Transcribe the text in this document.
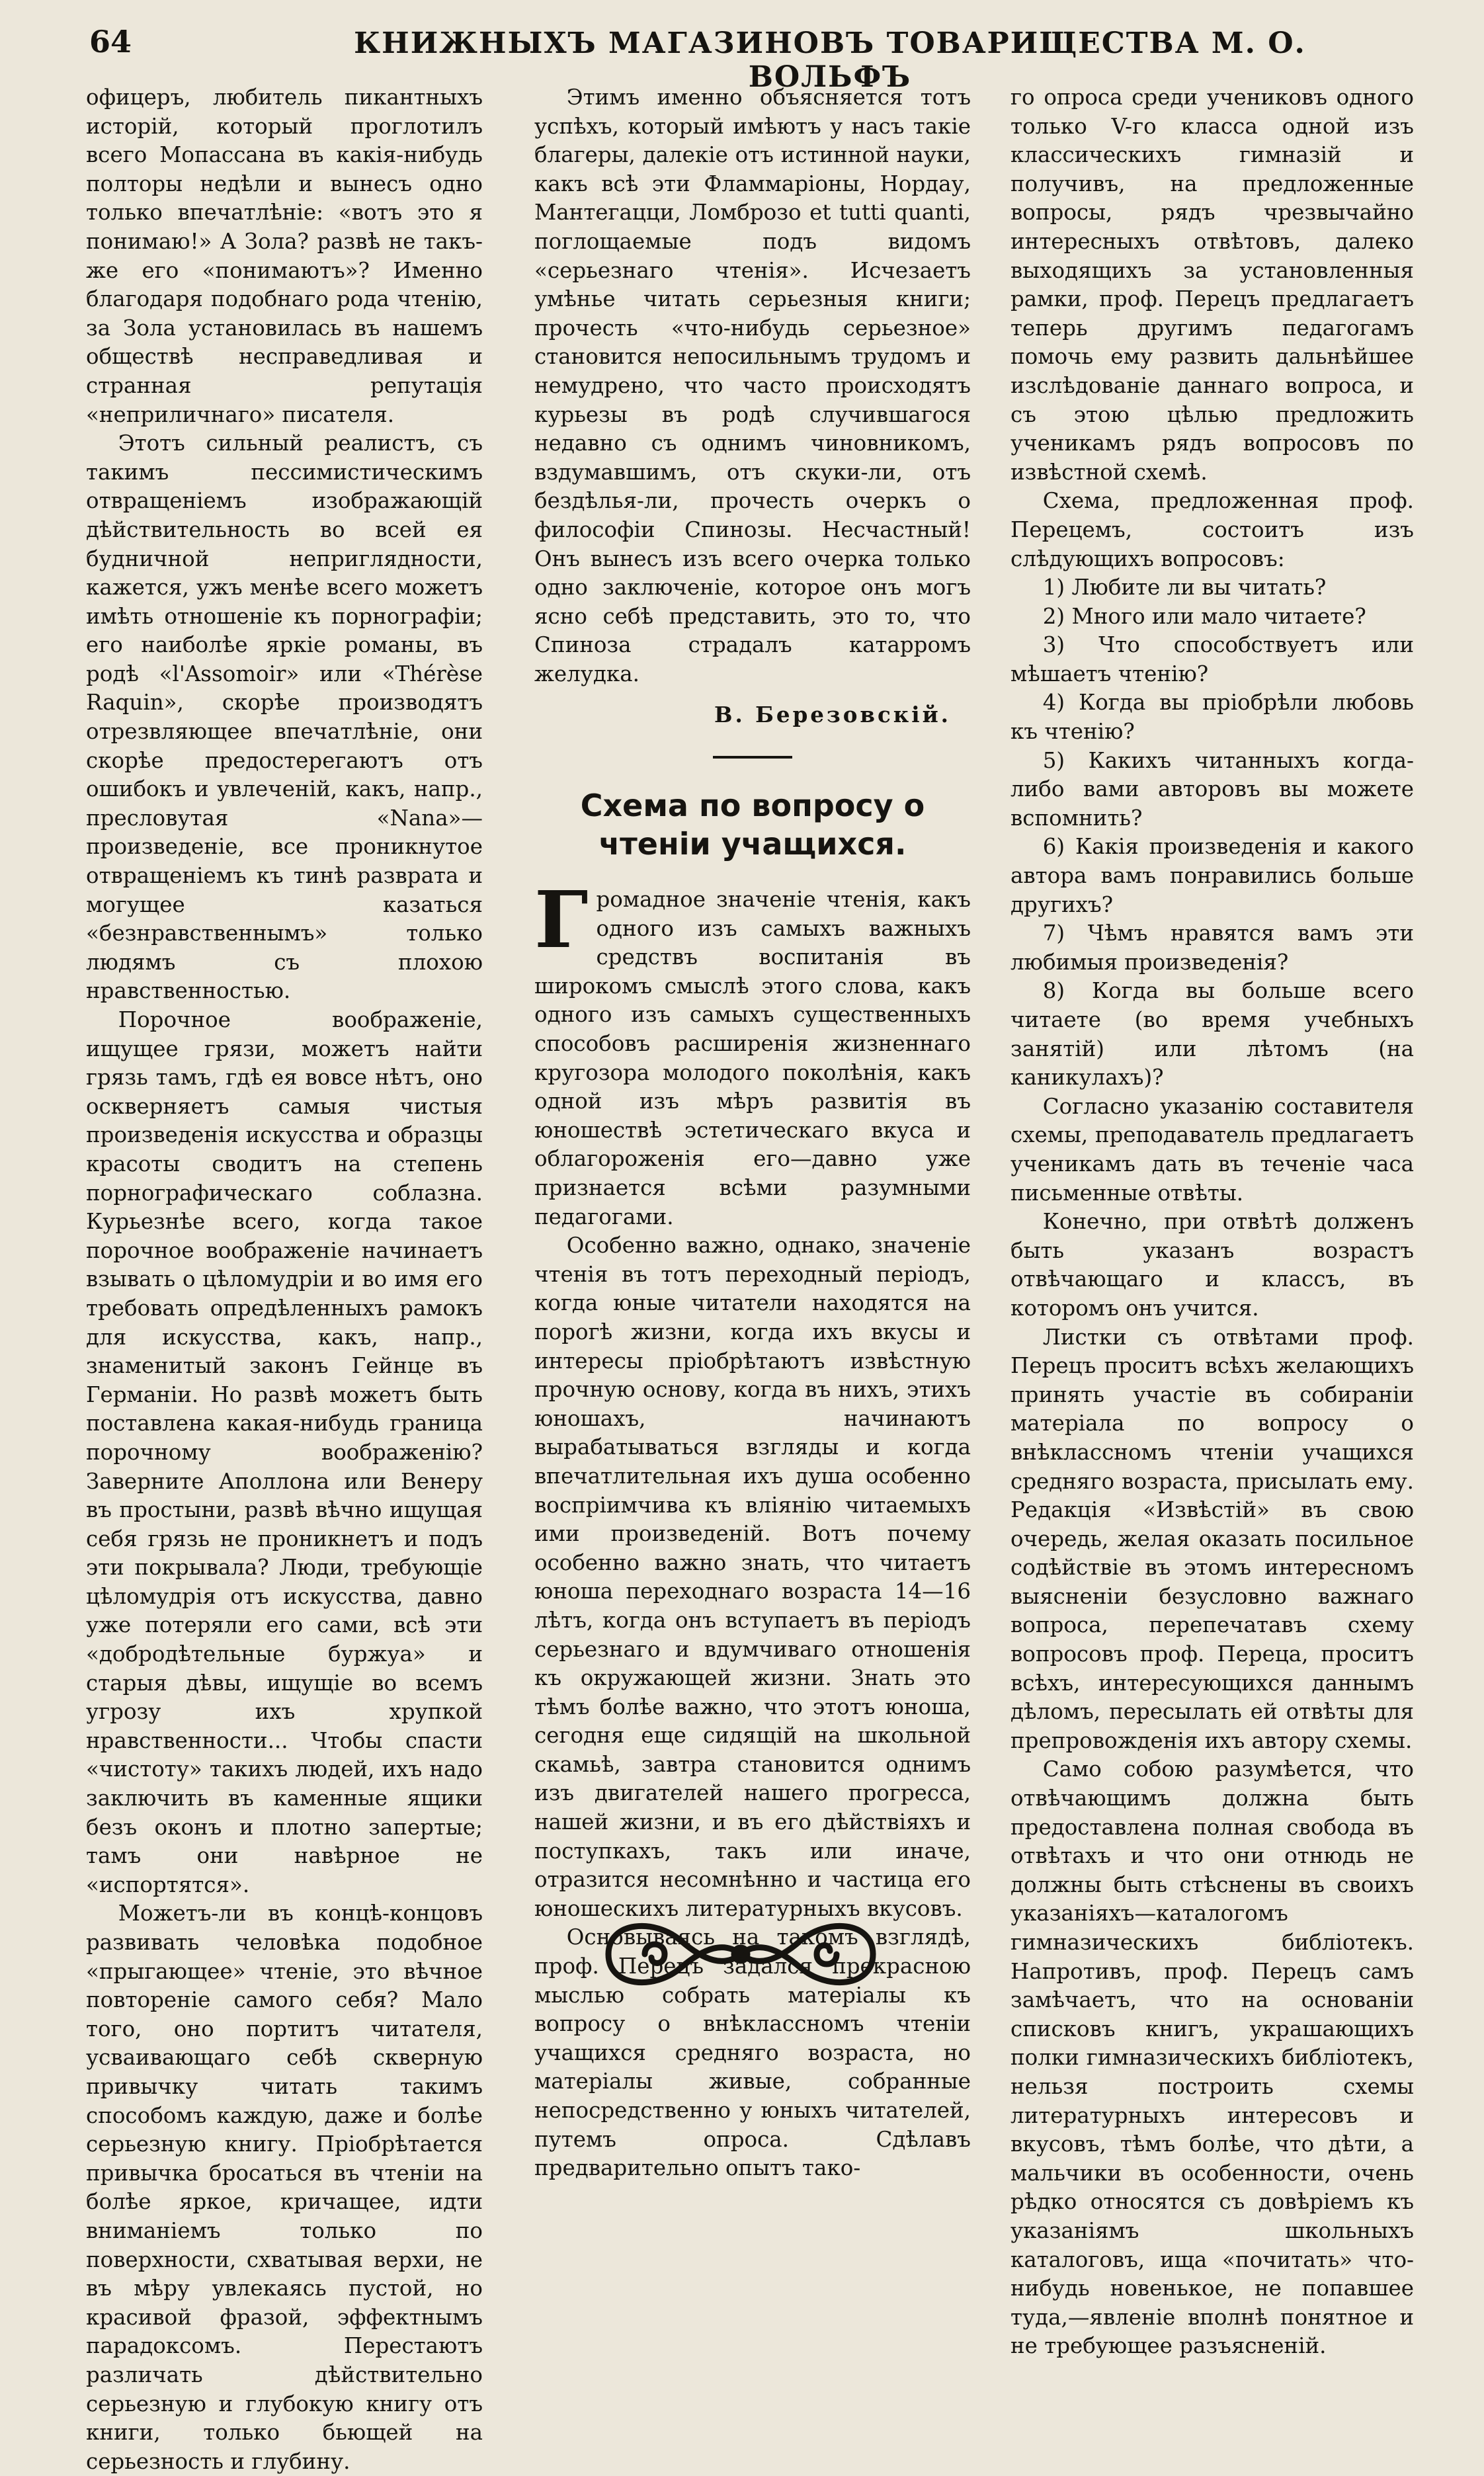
64	КНИЖНЫХЪ МАГАЗИНОВЪ ТОВАРИЩЕСТВА М. О. ВОЛЬФЪ

офицеръ, любитель пикантныхъ исторій, который проглотилъ всего Мопассана въ какія-нибудь полторы недѣли и вынесъ одно только впечатлѣніе: «вотъ это я понимаю!» А Зола? развѣ не такъ-же его «понимаютъ»? Именно благодаря подобнаго рода чтенію, за Зола установилась въ нашемъ обществѣ несправедливая и странная репутація «неприличнаго» писателя.

Этотъ сильный реалистъ, съ такимъ пессимистическимъ отвращеніемъ изображающій дѣйствительность во всей ея будничной неприглядности, кажется, ужъ менѣе всего можетъ имѣть отношеніе къ порнографіи; его наиболѣе яркіе романы, въ родѣ «l'Assomoir» или «Thérèse Raquin», скорѣе производятъ отрезвляющее впечатлѣніе, они скорѣе предостерегаютъ отъ ошибокъ и увлеченій, какъ, напр., пресловутая «Nana»—произведеніе, все проникнутое отвращеніемъ къ тинѣ разврата и могущее казаться «безнравственнымъ» только людямъ съ плохою нравственностью.

Порочное воображеніе, ищущее грязи, можетъ найти грязь тамъ, гдѣ ея вовсе нѣтъ, оно оскверняетъ самыя чистыя произведенія искусства и образцы красоты сводитъ на степень порнографическаго соблазна. Курьезнѣе всего, когда такое порочное воображеніе начинаетъ взывать о цѣломудріи и во имя его требовать опредѣленныхъ рамокъ для искусства, какъ, напр., знаменитый законъ Гейнце въ Германіи. Но развѣ можетъ быть поставлена какая-нибудь граница порочному воображенію? Заверните Аполлона или Венеру въ простыни, развѣ вѣчно ищущая себя грязь не проникнетъ и подъ эти покрывала? Люди, требующіе цѣломудрія отъ искусства, давно уже потеряли его сами, всѣ эти «добродѣтельные буржуа» и старыя дѣвы, ищущіе во всемъ угрозу ихъ хрупкой нравственности... Чтобы спасти «чистоту» такихъ людей, ихъ надо заключить въ каменные ящики безъ оконъ и плотно запертые; тамъ они навѣрное не «испортятся».

Можетъ-ли въ концѣ-концовъ развивать человѣка подобное «прыгающее» чтеніе, это вѣчное повтореніе самого себя? Мало того, оно портитъ читателя, усваивающаго себѣ скверную привычку читать такимъ способомъ каждую, даже и болѣе серьезную книгу. Пріобрѣтается привычка бросаться въ чтеніи на болѣе яркое, кричащее, идти вниманіемъ только по поверхности, схватывая верхи, не въ мѣру увлекаясь пустой, но красивой фразой, эффектнымъ парадоксомъ. Перестаютъ различать дѣйствительно серьезную и глубокую книгу отъ книги, только бьющей на серьезность и глубину.

Этимъ именно объясняется тотъ успѣхъ, который имѣютъ у насъ такіе благеры, далекіе отъ истинной науки, какъ всѣ эти Фламмаріоны, Нордау, Мантегацци, Ломброзо et tutti quanti, поглощаемые подъ видомъ «серьезнаго чтенія». Исчезаетъ умѣнье читать серьезныя книги; прочесть «что-нибудь серьезное» становится непосильнымъ трудомъ и немудрено, что часто происходятъ курьезы въ родѣ случившагося недавно съ однимъ чиновникомъ, вздумавшимъ, отъ скуки-ли, отъ бездѣлья-ли, прочесть очеркъ о философіи Спинозы. Несчастный! Онъ вынесъ изъ всего очерка только одно заключеніе, которое онъ могъ ясно себѣ представить, это то, что Спиноза страдалъ катарромъ желудка.

В. Березовскій.
Схема по вопросу о чтеніи учащихся.

Громадное значеніе чтенія, какъ одного изъ самыхъ важныхъ средствъ воспитанія въ широкомъ смыслѣ этого слова, какъ одного изъ самыхъ существенныхъ способовъ расширенія жизненнаго кругозора молодого поколѣнія, какъ одной изъ мѣръ развитія въ юношествѣ эстетическаго вкуса и облагороженія его—давно уже признается всѣми разумными педагогами.

Особенно важно, однако, значеніе чтенія въ тотъ переходный періодъ, когда юные читатели находятся на порогѣ жизни, когда ихъ вкусы и интересы пріобрѣтаютъ извѣстную прочную основу, когда въ нихъ, этихъ юношахъ, начинаютъ вырабатываться взгляды и когда впечатлительная ихъ душа особенно воспріимчива къ вліянію читаемыхъ ими произведеній. Вотъ почему особенно важно знать, что читаетъ юноша переходнаго возраста 14—16 лѣтъ, когда онъ вступаетъ въ періодъ серьезнаго и вдумчиваго отношенія къ окружающей жизни. Знать это тѣмъ болѣе важно, что этотъ юноша, сегодня еще сидящій на школьной скамьѣ, завтра становится однимъ изъ двигателей нашего прогресса, нашей жизни, и въ его дѣйствіяхъ и поступкахъ, такъ или иначе, отразится несомнѣнно и частица его юношескихъ литературныхъ вкусовъ.

Основываясь на такомъ взглядѣ, проф. Перецъ задался прекрасною мыслью собрать матеріалы къ вопросу о внѣклассномъ чтеніи учащихся средняго возраста, но матеріалы живые, собранные непосредственно у юныхъ читателей, путемъ опроса. Сдѣлавъ предварительно опытъ тако-

го опроса среди учениковъ одного только V-го класса одной изъ классическихъ гимназій и получивъ, на предложенные вопросы, рядъ чрезвычайно интересныхъ отвѣтовъ, далеко выходящихъ за установленныя рамки, проф. Перецъ предлагаетъ теперь другимъ педагогамъ помочь ему развить дальнѣйшее изслѣдованіе даннаго вопроса, и съ этою цѣлью предложить ученикамъ рядъ вопросовъ по извѣстной схемѣ.

Схема, предложенная проф. Перецемъ, состоитъ изъ слѣдующихъ вопросовъ:

1) Любите ли вы читать?

2) Много или мало читаете?

3) Что способствуетъ или мѣшаетъ чтенію?

4) Когда вы пріобрѣли любовь къ чтенію?

5) Какихъ читанныхъ когда-либо вами авторовъ вы можете вспомнить?

6) Какія произведенія и какого автора вамъ понравились больше другихъ?

7) Чѣмъ нравятся вамъ эти любимыя произведенія?

8) Когда вы больше всего читаете (во время учебныхъ занятій) или лѣтомъ (на каникулахъ)?

Согласно указанію составителя схемы, преподаватель предлагаетъ ученикамъ дать въ теченіе часа письменные отвѣты.

Конечно, при отвѣтѣ долженъ быть указанъ возрастъ отвѣчающаго и классъ, въ которомъ онъ учится.

Листки съ отвѣтами проф. Перецъ проситъ всѣхъ желающихъ принять участіе въ собираніи матеріала по вопросу о внѣклассномъ чтеніи учащихся средняго возраста, присылать ему. Редакція «Извѣстій» въ свою очередь, желая оказать посильное содѣйствіе въ этомъ интересномъ выясненіи безусловно важнаго вопроса, перепечатавъ схему вопросовъ проф. Переца, проситъ всѣхъ, интересующихся даннымъ дѣломъ, пересылать ей отвѣты для препровожденія ихъ автору схемы.

Само собою разумѣется, что отвѣчающимъ должна быть предоставлена полная свобода въ отвѣтахъ и что они отнюдь не должны быть стѣснены въ своихъ указаніяхъ—каталогомъ гимназическихъ библіотекъ. Напротивъ, проф. Перецъ самъ замѣчаетъ, что на основаніи списковъ книгъ, украшающихъ полки гимназическихъ библіотекъ, нельзя построить схемы литературныхъ интересовъ и вкусовъ, тѣмъ болѣе, что дѣти, а мальчики въ особенности, очень рѣдко относятся съ довѣріемъ къ указаніямъ школьныхъ каталоговъ, ища «почитать» что-нибудь новенькое, не попавшее туда,—явленіе вполнѣ понятное и не требующее разъясненій.
